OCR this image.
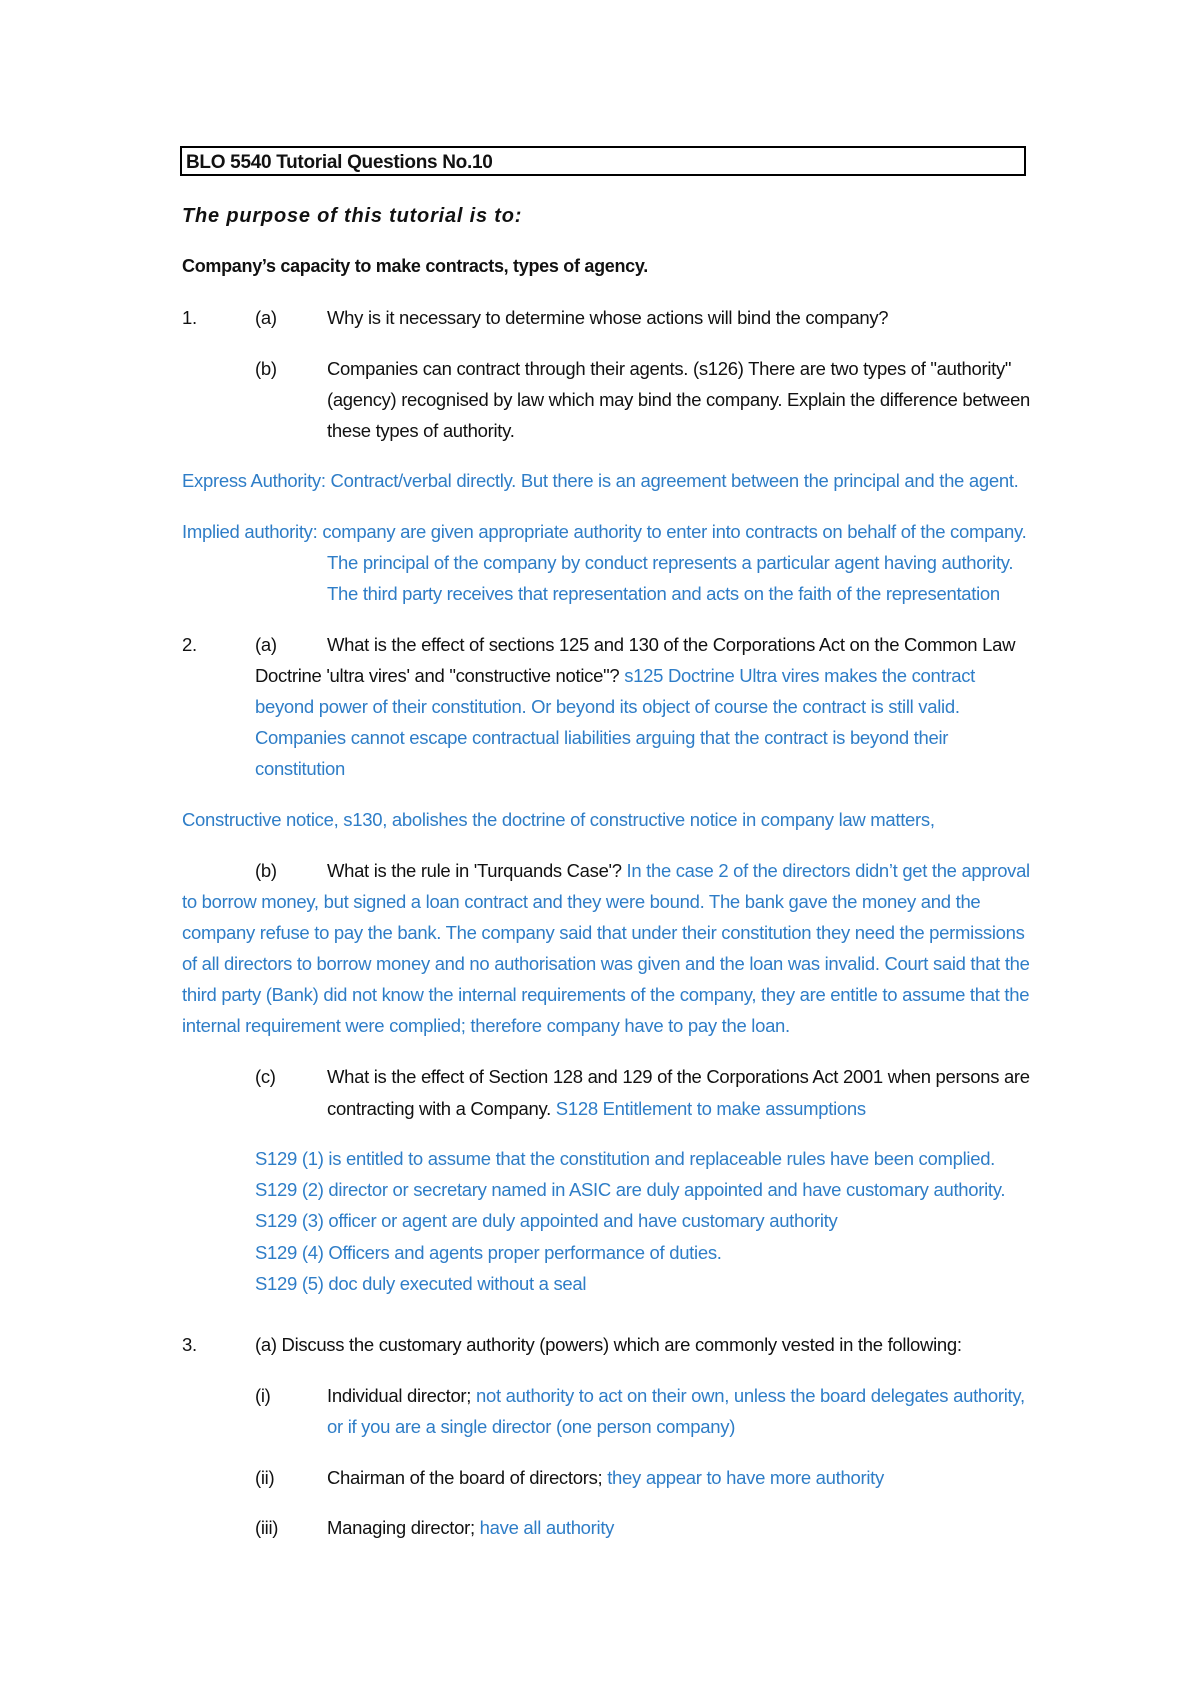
BLO 5540 Tutorial Questions No.10
The purpose of this tutorial is to:
Company’s capacity to make contracts, types of agency.
1.	(a)	Why is it necessary to determine whose actions will bind the company?
(b)	Companies can contract through their agents. (s126) There are two types of "authority"
(agency) recognised by law which may bind the company. Explain the difference between
these types of authority.
Express Authority: Contract/verbal directly. But there is an agreement between the principal and the agent.
Implied authority: company are given appropriate authority to enter into contracts on behalf of the company.
The principal of the company by conduct represents a particular agent having authority.
The third party receives that representation and acts on the faith of the representation
2.	(a)	What is the effect of sections 125 and 130 of the Corporations Act on the Common Law
Doctrine 'ultra vires' and "constructive notice"? s125 Doctrine Ultra vires makes the contract
beyond power of their constitution. Or beyond its object of course the contract is still valid.
Companies cannot escape contractual liabilities arguing that the contract is beyond their
constitution
Constructive notice, s130, abolishes the doctrine of constructive notice in company law matters,
(b)	What is the rule in 'Turquands Case'? In the case 2 of the directors didn’t get the approval
to borrow money, but signed a loan contract and they were bound. The bank gave the money and the
company refuse to pay the bank. The company said that under their constitution they need the permissions
of all directors to borrow money and no authorisation was given and the loan was invalid. Court said that the
third party (Bank) did not know the internal requirements of the company, they are entitle to assume that the
internal requirement were complied; therefore company have to pay the loan.
(c)	What is the effect of Section 128 and 129 of the Corporations Act 2001 when persons are
contracting with a Company. S128 Entitlement to make assumptions
S129 (1) is entitled to assume that the constitution and replaceable rules have been complied.
S129 (2) director or secretary named in ASIC are duly appointed and have customary authority.
S129 (3) officer or agent are duly appointed and have customary authority
S129 (4) Officers and agents proper performance of duties.
S129 (5) doc duly executed without a seal
3.	(a) Discuss the customary authority (powers) which are commonly vested in the following:
(i)	Individual director; not authority to act on their own, unless the board delegates authority,
or if you are a single director (one person company)
(ii)	Chairman of the board of directors; they appear to have more authority
(iii)	Managing director; have all authority
